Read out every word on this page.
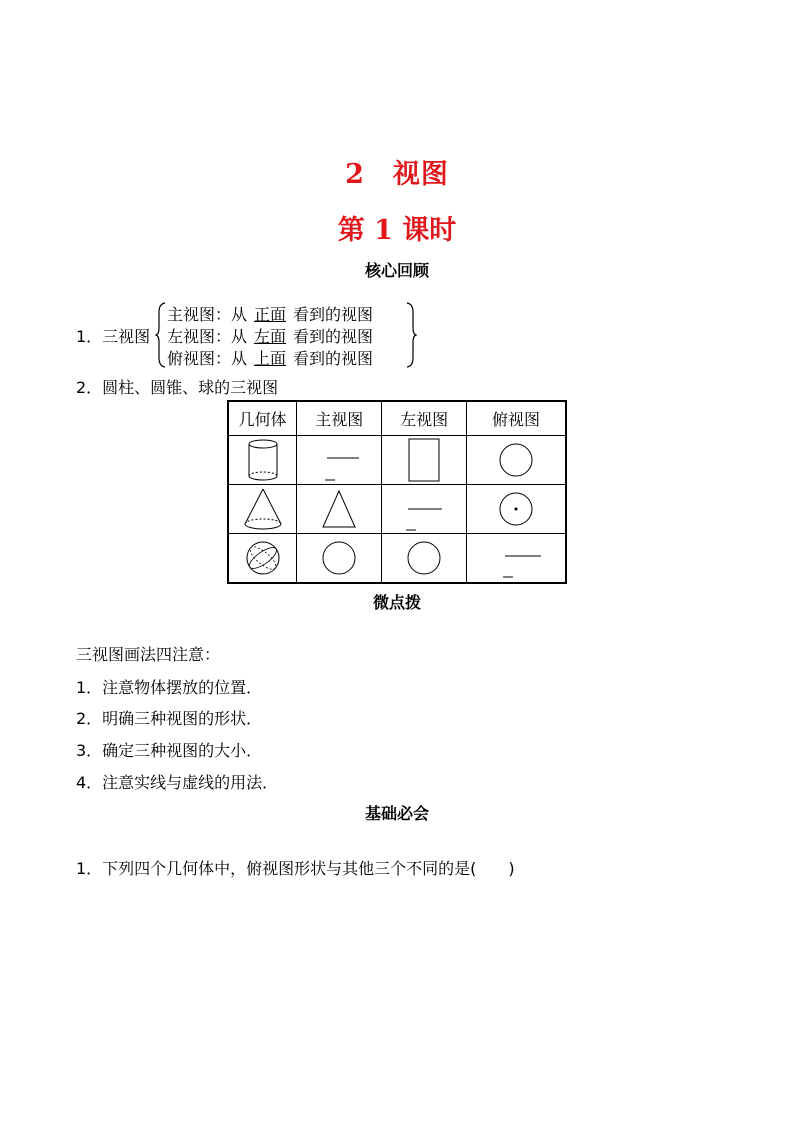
2　视图
第 1 课时
核心回顾
1．三视图
主视图：从 正面 看到的视图
左视图：从 左面 看到的视图
俯视图：从 上面 看到的视图
2．圆柱、圆锥、球的三视图
几何体	主视图	左视图	俯视图

微点拨
三视图画法四注意：
1．注意物体摆放的位置．
2．明确三种视图的形状．
3．确定三种视图的大小．
4．注意实线与虚线的用法．
基础必会
1．下列四个几何体中，俯视图形状与其他三个不同的是(　　)
